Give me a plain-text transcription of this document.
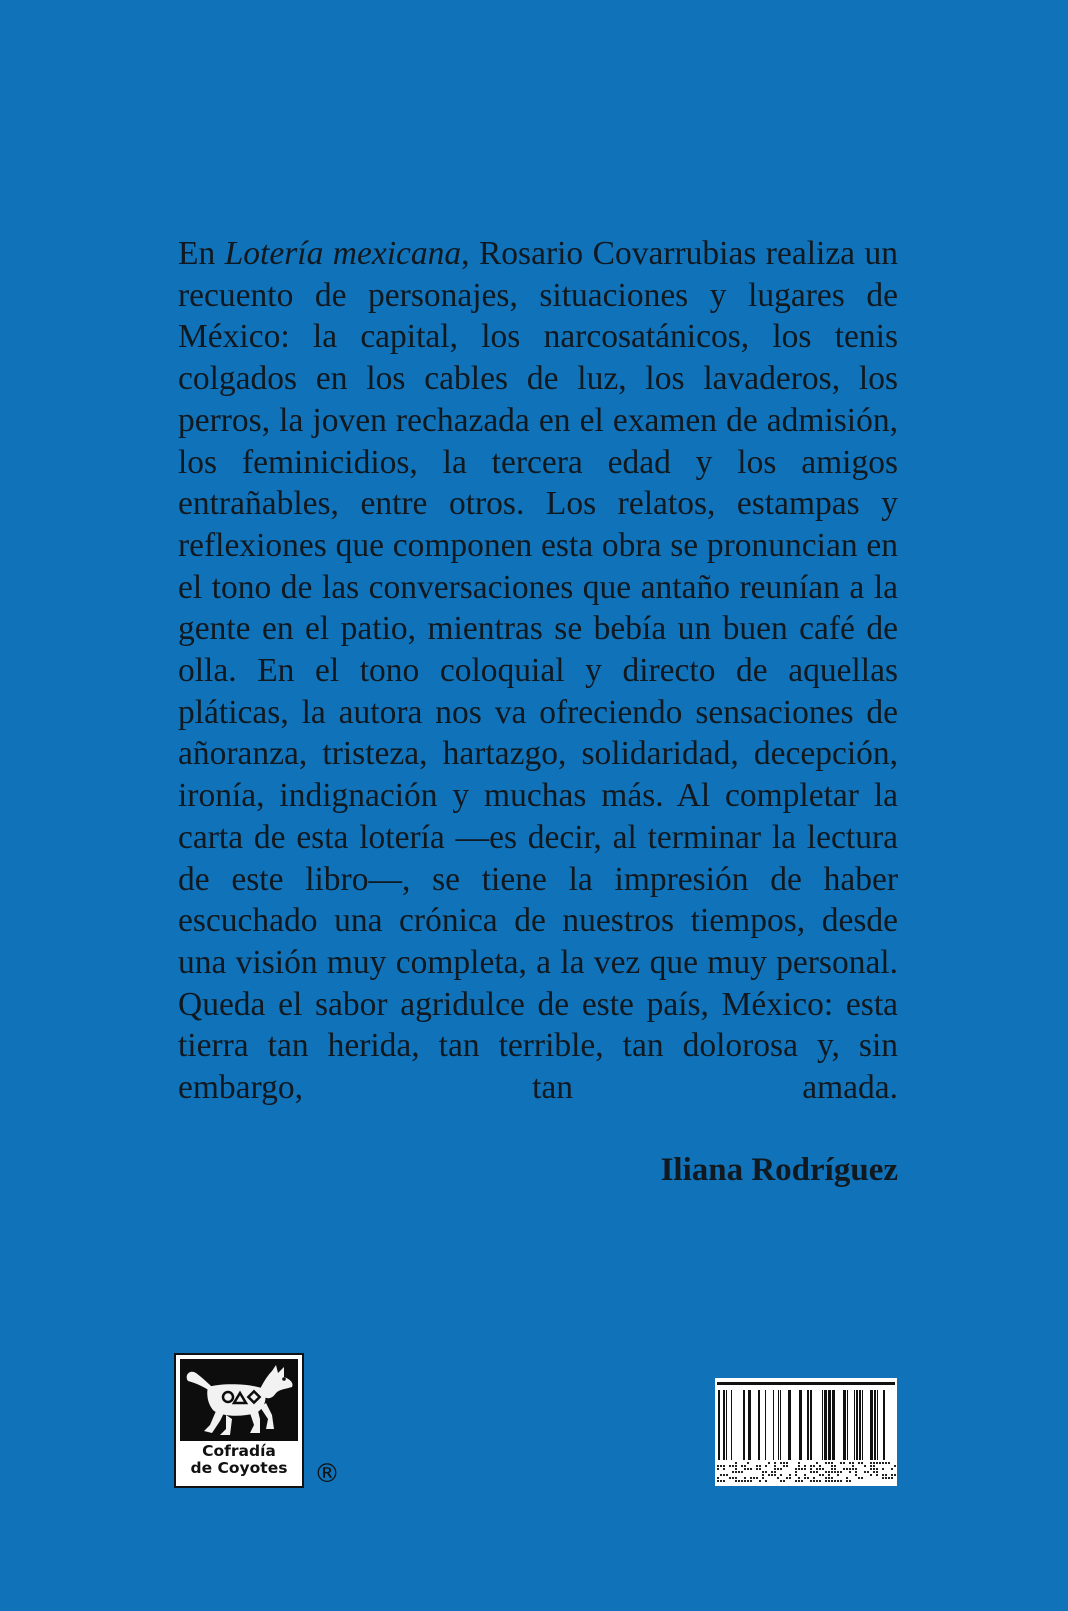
En Lotería mexicana, Rosario Covarrubias realiza un recuento de personajes, situaciones y lugares de México: la capital, los narcosatánicos, los tenis colgados en los cables de luz, los lavaderos, los perros, la joven rechazada en el examen de admisión, los feminicidios, la tercera edad y los amigos entrañables, entre otros. Los relatos, estampas y reflexiones que componen esta obra se pronuncian en el tono de las conversaciones que antaño reunían a la gente en el patio, mientras se bebía un buen café de olla. En el tono coloquial y directo de aquellas pláticas, la autora nos va ofreciendo sensaciones de añoranza, tristeza, hartazgo, solidaridad, decepción, ironía, indignación y muchas más. Al completar la carta de esta lotería —es decir, al terminar la lectura de este libro—, se tiene la impresión de haber escuchado una crónica de nuestros tiempos, desde una visión muy completa, a la vez que muy personal. Queda el sabor agridulce de este país, México: esta tierra tan herida, tan terrible, tan dolorosa y, sin embargo, tan amada.

Iliana Rodríguez
Cofradía
de Coyotes	®
